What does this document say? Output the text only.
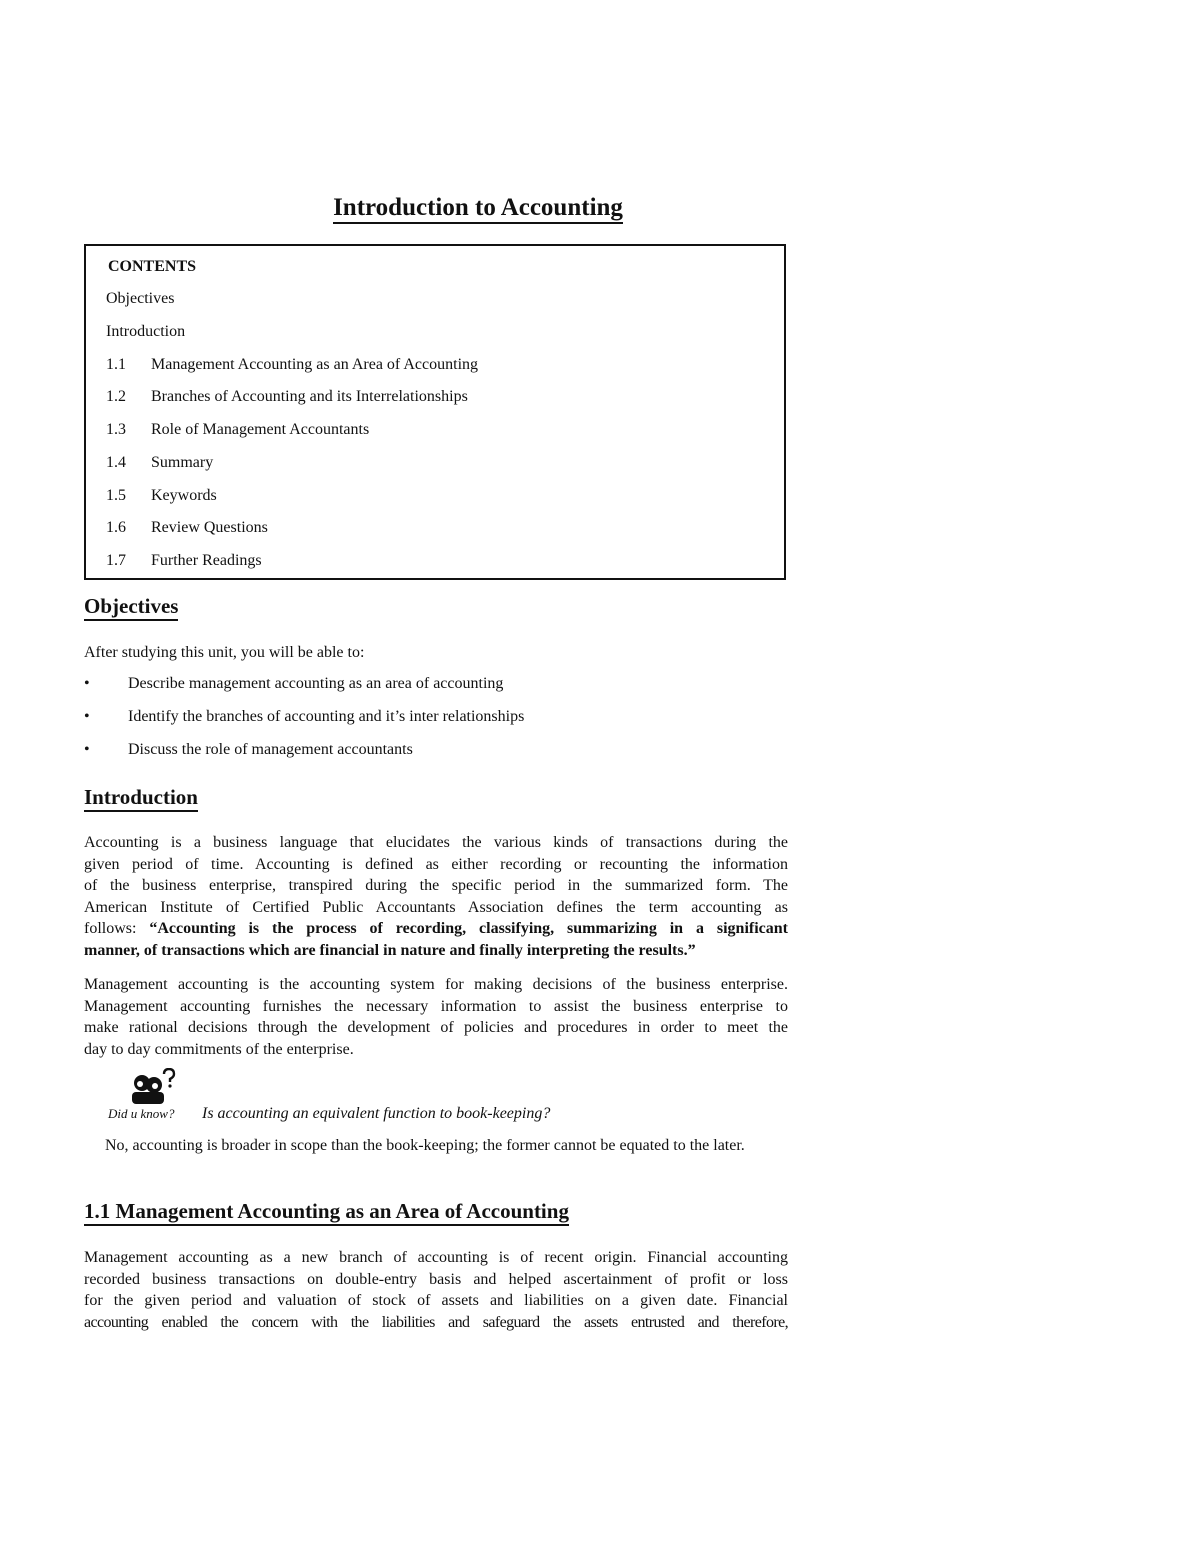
Introduction to Accounting
CONTENTS
Objectives
Introduction
1.1 Management Accounting as an Area of Accounting
1.2 Branches of Accounting and its Interrelationships
1.3 Role of Management Accountants
1.4 Summary
1.5 Keywords
1.6 Review Questions
1.7 Further Readings
Objectives
After studying this unit, you will be able to:
•	Describe management accounting as an area of accounting
•	Identify the branches of accounting and it’s inter relationships
•	Discuss the role of management accountants
Introduction
Accounting is a business language that elucidates the various kinds of transactions during the
given period of time. Accounting is defined as either recording or recounting the information
of the business enterprise, transpired during the specific period in the summarized form. The
American Institute of Certified Public Accountants Association defines the term accounting as
follows: “Accounting is the process of recording, classifying, summarizing in a significant
manner, of transactions which are financial in nature and finally interpreting the results.”
Management accounting is the accounting system for making decisions of the business enterprise.
Management accounting furnishes the necessary information to assist the business enterprise to
make rational decisions through the development of policies and procedures in order to meet the
day to day commitments of the enterprise.
Did u know? Is accounting an equivalent function to book-keeping?
No, accounting is broader in scope than the book-keeping; the former cannot be equated to the later.
1.1 Management Accounting as an Area of Accounting
Management accounting as a new branch of accounting is of recent origin. Financial accounting
recorded business transactions on double-entry basis and helped ascertainment of profit or loss
for the given period and valuation of stock of assets and liabilities on a given date. Financial
accounting enabled the concern with the liabilities and safeguard the assets entrusted and therefore,
